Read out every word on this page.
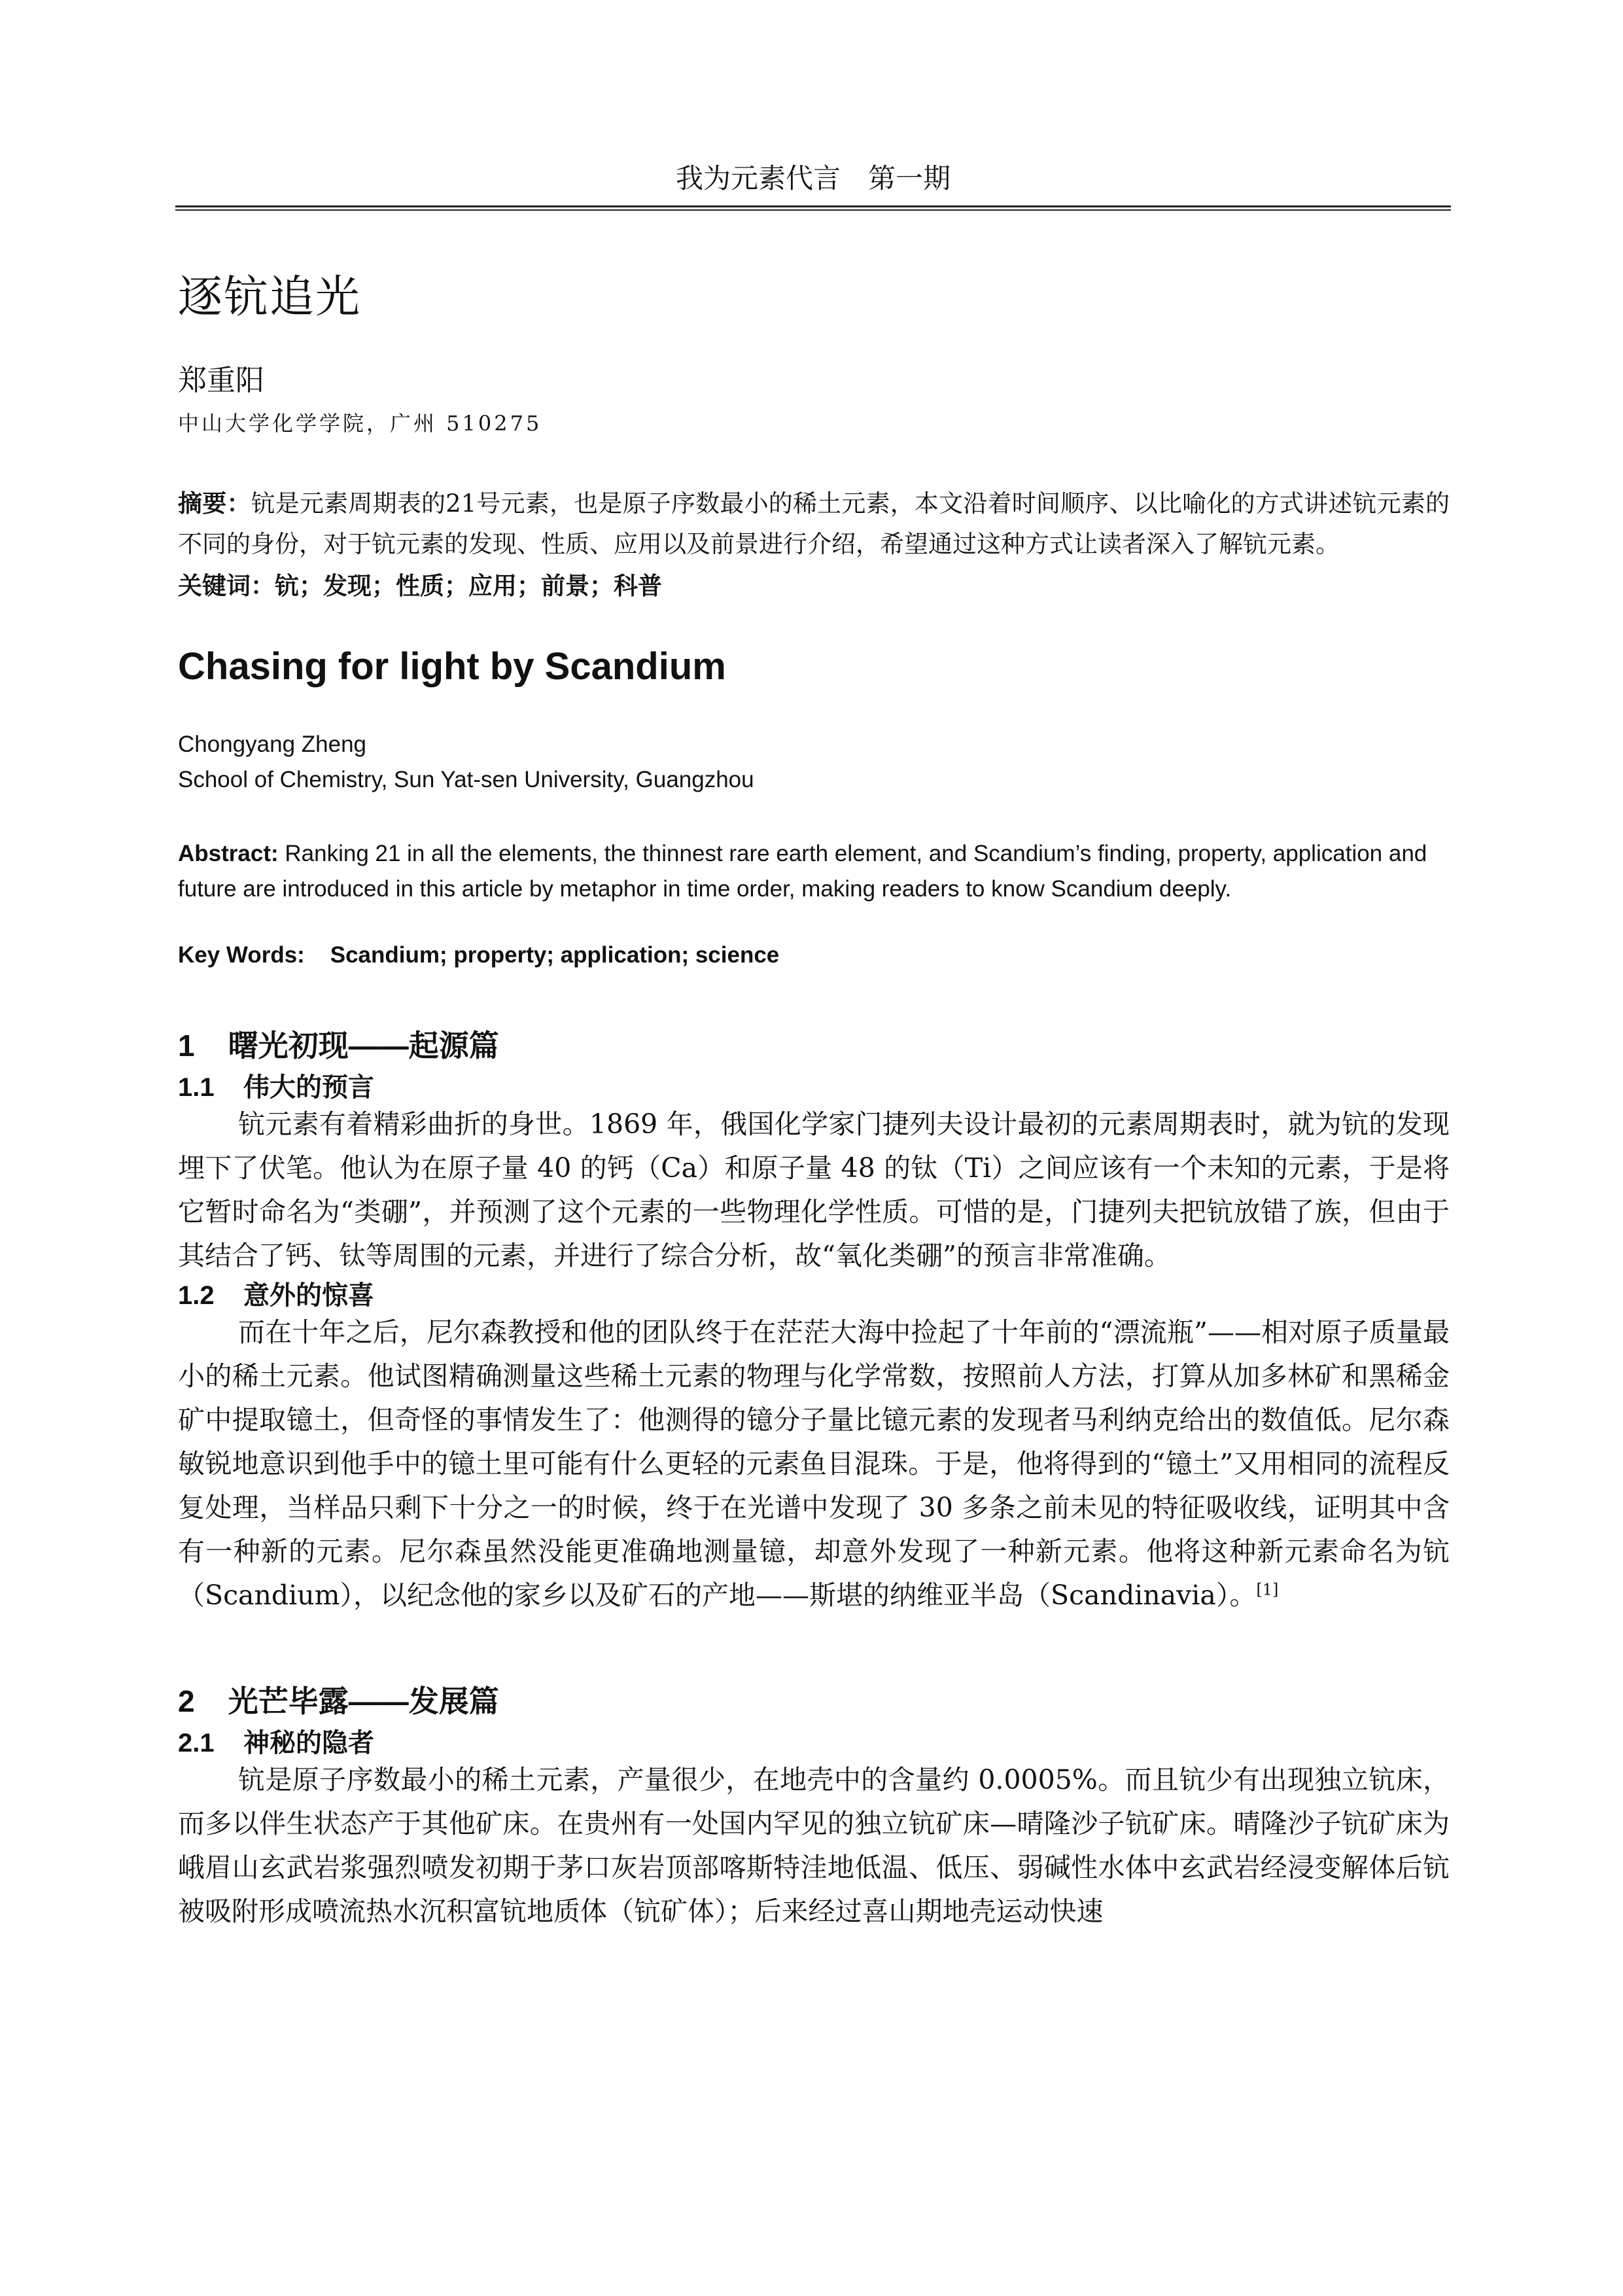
我为元素代言　第一期
逐钪追光
郑重阳
中山大学化学学院，广州 510275

摘要：钪是元素周期表的21号元素，也是原子序数最小的稀土元素，本文沿着时间顺序、以比喻化的方式讲述钪元素的不同的身份，对于钪元素的发现、性质、应用以及前景进行介绍，希望通过这种方式让读者深入了解钪元素。

关键词：钪；发现；性质；应用；前景；科普
Chasing for light by Scandium
Chongyang Zheng
School of Chemistry, Sun Yat-sen University, Guangzhou

Abstract: Ranking 21 in all the elements, the thinnest rare earth element, and Scandium’s finding, property, application and future are introduced in this article by metaphor in time order, making readers to know Scandium deeply.

Key Words:    Scandium; property; application; science
1    曙光初现——起源篇
1.1    伟大的预言

钪元素有着精彩曲折的身世。1869 年，俄国化学家门捷列夫设计最初的元素周期表时，就为钪的发现埋下了伏笔。他认为在原子量 40 的钙（Ca）和原子量 48 的钛（Ti）之间应该有一个未知的元素，于是将它暂时命名为“类硼”，并预测了这个元素的一些物理化学性质。可惜的是，门捷列夫把钪放错了族，但由于其结合了钙、钛等周围的元素，并进行了综合分析，故“氧化类硼”的预言非常准确。

1.2    意外的惊喜

而在十年之后，尼尔森教授和他的团队终于在茫茫大海中捡起了十年前的“漂流瓶”——相对原子质量最小的稀土元素。他试图精确测量这些稀土元素的物理与化学常数，按照前人方法，打算从加多林矿和黑稀金矿中提取镱土，但奇怪的事情发生了：他测得的镱分子量比镱元素的发现者马利纳克给出的数值低。尼尔森敏锐地意识到他手中的镱土里可能有什么更轻的元素鱼目混珠。于是，他将得到的“镱土”又用相同的流程反复处理，当样品只剩下十分之一的时候，终于在光谱中发现了 30 多条之前未见的特征吸收线，证明其中含有一种新的元素。尼尔森虽然没能更准确地测量镱，却意外发现了一种新元素。他将这种新元素命名为钪（Scandium），以纪念他的家乡以及矿石的产地——斯堪的纳维亚半岛（Scandinavia）。[1]

2    光芒毕露——发展篇
2.1    神秘的隐者

钪是原子序数最小的稀土元素，产量很少，在地壳中的含量约 0.0005%。而且钪少有出现独立钪床，而多以伴生状态产于其他矿床。在贵州有一处国内罕见的独立钪矿床—晴隆沙子钪矿床。晴隆沙子钪矿床为峨眉山玄武岩浆强烈喷发初期于茅口灰岩顶部喀斯特洼地低温、低压、弱碱性水体中玄武岩经浸变解体后钪被吸附形成喷流热水沉积富钪地质体（钪矿体）；后来经过喜山期地壳运动快速
